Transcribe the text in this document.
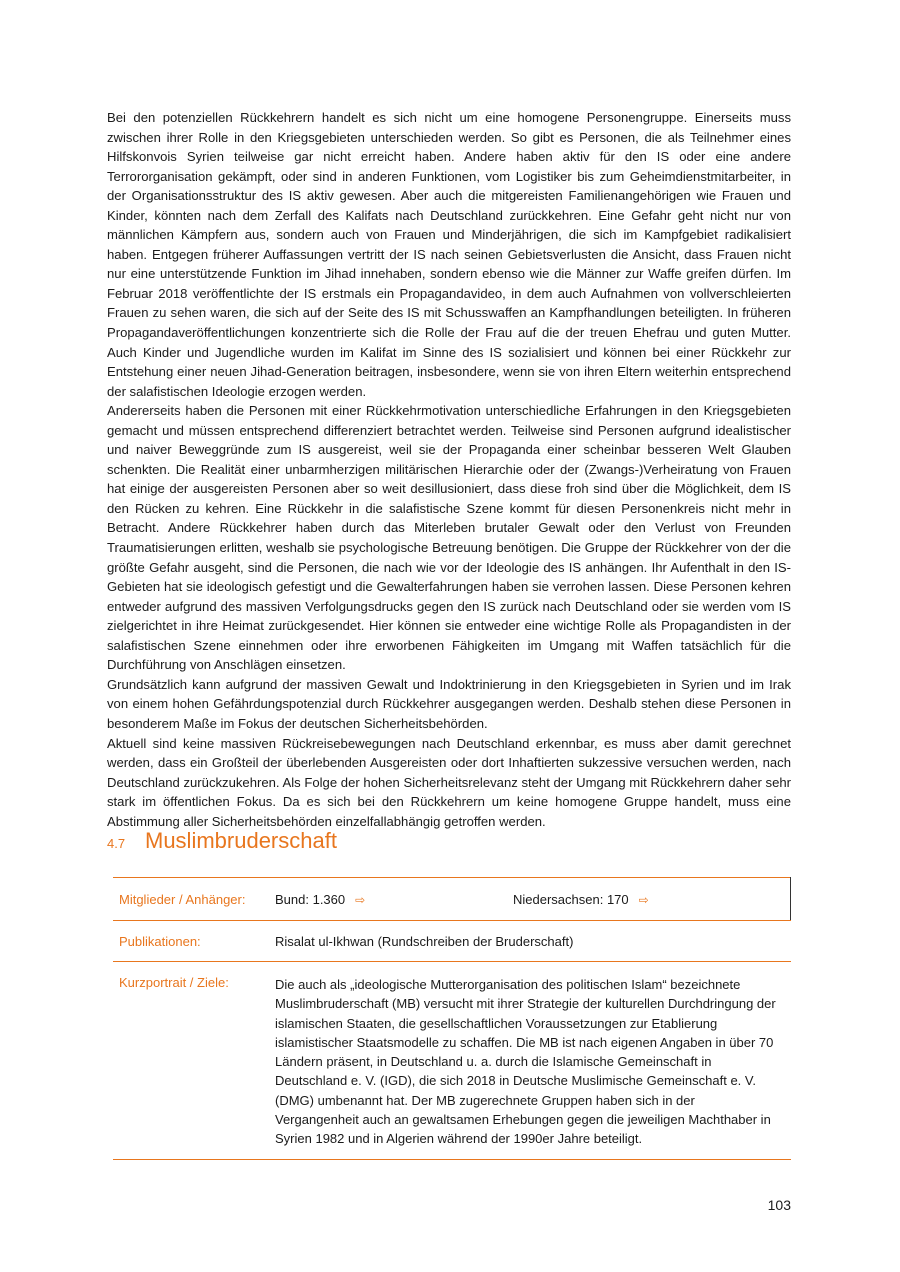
Bei den potenziellen Rückkehrern handelt es sich nicht um eine homogene Personengruppe. Einerseits muss zwischen ihrer Rolle in den Kriegsgebieten unterschieden werden. So gibt es Personen, die als Teilnehmer eines Hilfskonvois Syrien teilweise gar nicht erreicht haben. Andere haben aktiv für den IS oder eine andere Terrororganisation gekämpft, oder sind in anderen Funktionen, vom Logistiker bis zum Geheimdienstmitarbeiter, in der Organisationsstruktur des IS aktiv gewesen. Aber auch die mitgereisten Familienangehörigen wie Frauen und Kinder, könnten nach dem Zerfall des Kalifats nach Deutschland zurückkehren. Eine Gefahr geht nicht nur von männlichen Kämpfern aus, sondern auch von Frauen und Minderjährigen, die sich im Kampfgebiet radikalisiert haben. Entgegen früherer Auffassungen vertritt der IS nach seinen Gebietsverlusten die Ansicht, dass Frauen nicht nur eine unterstützende Funktion im Jihad innehaben, sondern ebenso wie die Männer zur Waffe greifen dürfen. Im Februar 2018 veröffentlichte der IS erstmals ein Propagandavideo, in dem auch Aufnahmen von vollverschleierten Frauen zu sehen waren, die sich auf der Seite des IS mit Schusswaffen an Kampfhandlungen beteiligten. In früheren Propagandaveröffentlichungen konzentrierte sich die Rolle der Frau auf die der treuen Ehefrau und guten Mutter. Auch Kinder und Jugendliche wurden im Kalifat im Sinne des IS sozialisiert und können bei einer Rückkehr zur Entstehung einer neuen Jihad-Generation beitragen, insbesondere, wenn sie von ihren Eltern weiterhin entsprechend der salafistischen Ideologie erzogen werden.

Andererseits haben die Personen mit einer Rückkehrmotivation unterschiedliche Erfahrungen in den Kriegsgebieten gemacht und müssen entsprechend differenziert betrachtet werden. Teilweise sind Personen aufgrund idealistischer und naiver Beweggründe zum IS ausgereist, weil sie der Propaganda einer scheinbar besseren Welt Glauben schenkten. Die Realität einer unbarmherzigen militärischen Hierarchie oder der (Zwangs-)Verheiratung von Frauen hat einige der ausgereisten Personen aber so weit desillusioniert, dass diese froh sind über die Möglichkeit, dem IS den Rücken zu kehren. Eine Rückkehr in die salafistische Szene kommt für diesen Personenkreis nicht mehr in Betracht. Andere Rückkehrer haben durch das Miterleben brutaler Gewalt oder den Verlust von Freunden Traumatisierungen erlitten, weshalb sie psychologische Betreuung benötigen. Die Gruppe der Rückkehrer von der die größte Gefahr ausgeht, sind die Personen, die nach wie vor der Ideologie des IS anhängen. Ihr Aufenthalt in den IS-Gebieten hat sie ideologisch gefestigt und die Gewalterfahrungen haben sie verrohen lassen. Diese Personen kehren entweder aufgrund des massiven Verfolgungsdrucks gegen den IS zurück nach Deutschland oder sie werden vom IS zielgerichtet in ihre Heimat zurückgesendet. Hier können sie entweder eine wichtige Rolle als Propagandisten in der salafistischen Szene einnehmen oder ihre erworbenen Fähigkeiten im Umgang mit Waffen tatsächlich für die Durchführung von Anschlägen einsetzen.

Grundsätzlich kann aufgrund der massiven Gewalt und Indoktrinierung in den Kriegsgebieten in Syrien und im Irak von einem hohen Gefährdungspotenzial durch Rückkehrer ausgegangen werden. Deshalb stehen diese Personen in besonderem Maße im Fokus der deutschen Sicherheitsbehörden.

Aktuell sind keine massiven Rückreisebewegungen nach Deutschland erkennbar, es muss aber damit gerechnet werden, dass ein Großteil der überlebenden Ausgereisten oder dort Inhaftierten sukzessive versuchen werden, nach Deutschland zurückzukehren. Als Folge der hohen Sicherheitsrelevanz steht der Umgang mit Rückkehrern daher sehr stark im öffentlichen Fokus. Da es sich bei den Rückkehrern um keine homogene Gruppe handelt, muss eine Abstimmung aller Sicherheitsbehörden einzelfallabhängig getroffen werden.

4.7 Muslimbruderschaft
Mitglieder / Anhänger:	Bund: 1.360 ⇨	Niedersachsen: 170 ⇨
Publikationen:	Risalat ul-Ikhwan (Rundschreiben der Bruderschaft)	
Kurzportrait / Ziele:	Die auch als „ideologische Mutterorganisation des politischen Islam“ bezeichnete Muslimbruderschaft (MB) versucht mit ihrer Strategie der kulturellen Durchdringung der islamischen Staaten, die gesellschaftlichen Voraussetzungen zur Etablierung islamistischer Staatsmodelle zu schaffen. Die MB ist nach eigenen Angaben in über 70 Ländern präsent, in Deutschland u. a. durch die Islamische Gemeinschaft in Deutschland e. V. (IGD), die sich 2018 in Deutsche Muslimische Gemeinschaft e. V. (DMG) umbenannt hat. Der MB zugerechnete Gruppen haben sich in der Vergangenheit auch an gewaltsamen Erhebungen gegen die jeweiligen Machthaber in Syrien 1982 und in Algerien während der 1990er Jahre beteiligt.	
103
